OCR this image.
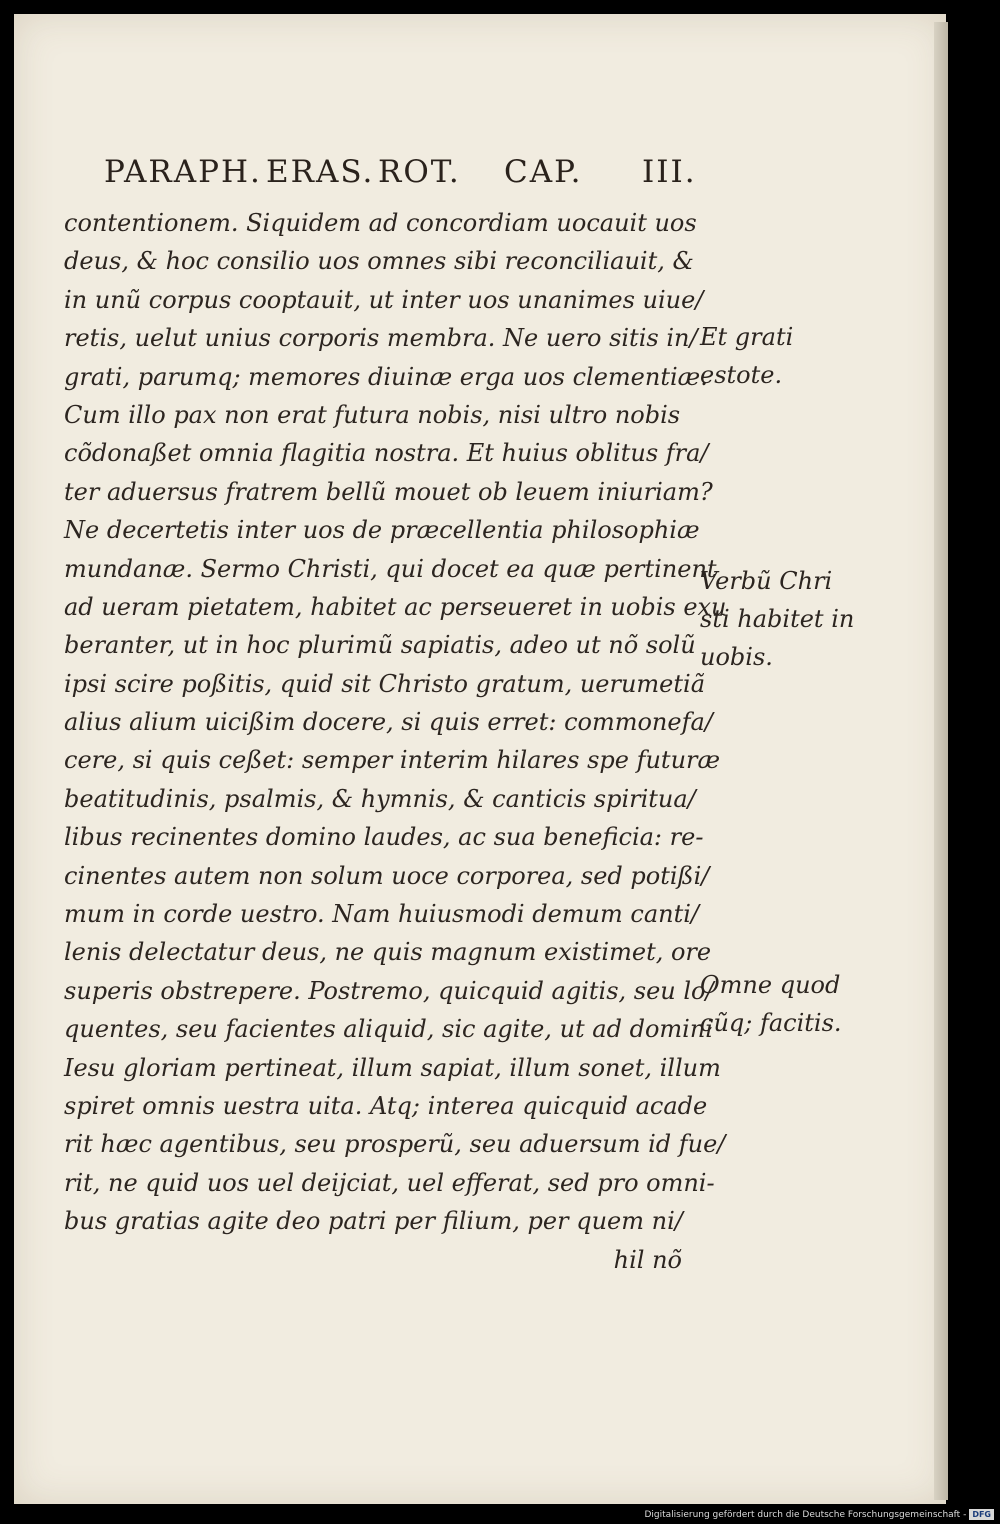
PARAPH. ERAS. ROT. CAP. III.
contentionem. Siquidem ad concordiam uocauit uos
deus, & hoc consilio uos omnes sibi reconciliauit, &
in unũ corpus cooptauit, ut inter uos unanimes uiue/
retis, uelut unius corporis membra. Ne uero sitis in/
grati, parumq; memores diuinæ erga uos clementiæ.
Cum illo pax non erat futura nobis, nisi ultro nobis
cõdonaßet omnia flagitia nostra. Et huius oblitus fra/
ter aduersus fratrem bellũ mouet ob leuem iniuriam?
Ne decertetis inter uos de præcellentia philosophiæ
mundanæ. Sermo Christi, qui docet ea quæ pertinent
ad ueram pietatem, habitet ac perseueret in uobis exu
beranter, ut in hoc plurimũ sapiatis, adeo ut nõ solũ
ipsi scire poßitis, quid sit Christo gratum, uerumetiã
alius alium uicißim docere, si quis erret: commonefa/
cere, si quis ceßet: semper interim hilares spe futuræ
beatitudinis, psalmis, & hymnis, & canticis spiritua/
libus recinentes domino laudes, ac sua beneficia: re-
cinentes autem non solum uoce corporea, sed potißi/
mum in corde uestro. Nam huiusmodi demum canti/
lenis delectatur deus, ne quis magnum existimet, ore
superis obstrepere. Postremo, quicquid agitis, seu lo/
quentes, seu facientes aliquid, sic agite, ut ad domini
Iesu gloriam pertineat, illum sapiat, illum sonet, illum
spiret omnis uestra uita. Atq; interea quicquid acade
rit hæc agentibus, seu prosperũ, seu aduersum id fue/
rit, ne quid uos uel deijciat, uel efferat, sed pro omni-
bus gratias agite deo patri per filium, per quem ni/
hil nõ
Et grati
estote.
Verbũ Chri
sti habitet in
uobis.
Omne quod
cũq; facitis.
Digitalisierung gefördert durch die Deutsche Forschungsgemeinschaft - DFG
